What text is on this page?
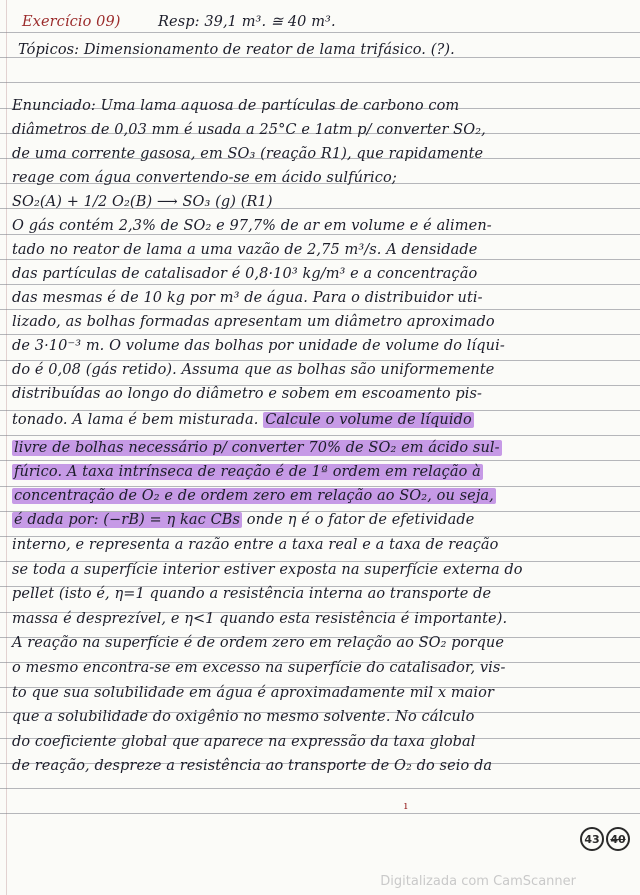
Exercício 09)	Resp: 39,1 m³. ≅ 40 m³.
Tópicos: Dimensionamento de reator de lama trifásico. (?).
Enunciado: Uma lama aquosa de partículas de carbono com
diâmetros de 0,03 mm é usada a 25°C e 1atm p/ converter SO₂,
de uma corrente gasosa, em SO₃ (reação R1), que rapidamente
reage com água convertendo-se em ácido sulfúrico;
SO₂(A) + 1/2 O₂(B) ⟶ SO₃ (g) (R1)
O gás contém 2,3% de SO₂ e 97,7% de ar em volume e é alimen-
tado no reator de lama a uma vazão de 2,75 m³/s. A densidade
das partículas de catalisador é 0,8·10³ kg/m³ e a concentração
das mesmas é de 10 kg por m³ de água. Para o distribuidor uti-
lizado, as bolhas formadas apresentam um diâmetro aproximado
de 3·10⁻³ m. O volume das bolhas por unidade de volume do líqui-
do é 0,08 (gás retido). Assuma que as bolhas são uniformemente
distribuídas ao longo do diâmetro e sobem em escoamento pis-
tonado. A lama é bem misturada. Calcule o volume de líquido
livre de bolhas necessário p/ converter 70% de SO₂ em ácido sul-
fúrico. A taxa intrínseca de reação é de 1ª ordem em relação à
concentração de O₂ e de ordem zero em relação ao SO₂, ou seja,
é dada por: (−rB) = η kac CBs onde η é o fator de efetividade
interno, e representa a razão entre a taxa real e a taxa de reação
se toda a superfície interior estiver exposta na superfície externa do
pellet (isto é, η=1 quando a resistência interna ao transporte de
massa é desprezível, e η<1 quando esta resistência é importante).
A reação na superfície é de ordem zero em relação ao SO₂ porque
o mesmo encontra-se em excesso na superfície do catalisador, vis-
to que sua solubilidade em água é aproximadamente mil x maior
que a solubilidade do oxigênio no mesmo solvente. No cálculo
do coeficiente global que aparece na expressão da taxa global
de reação, despreze a resistência ao transporte de O₂ do seio da
ı
43 40
Digitalizada com CamScanner
